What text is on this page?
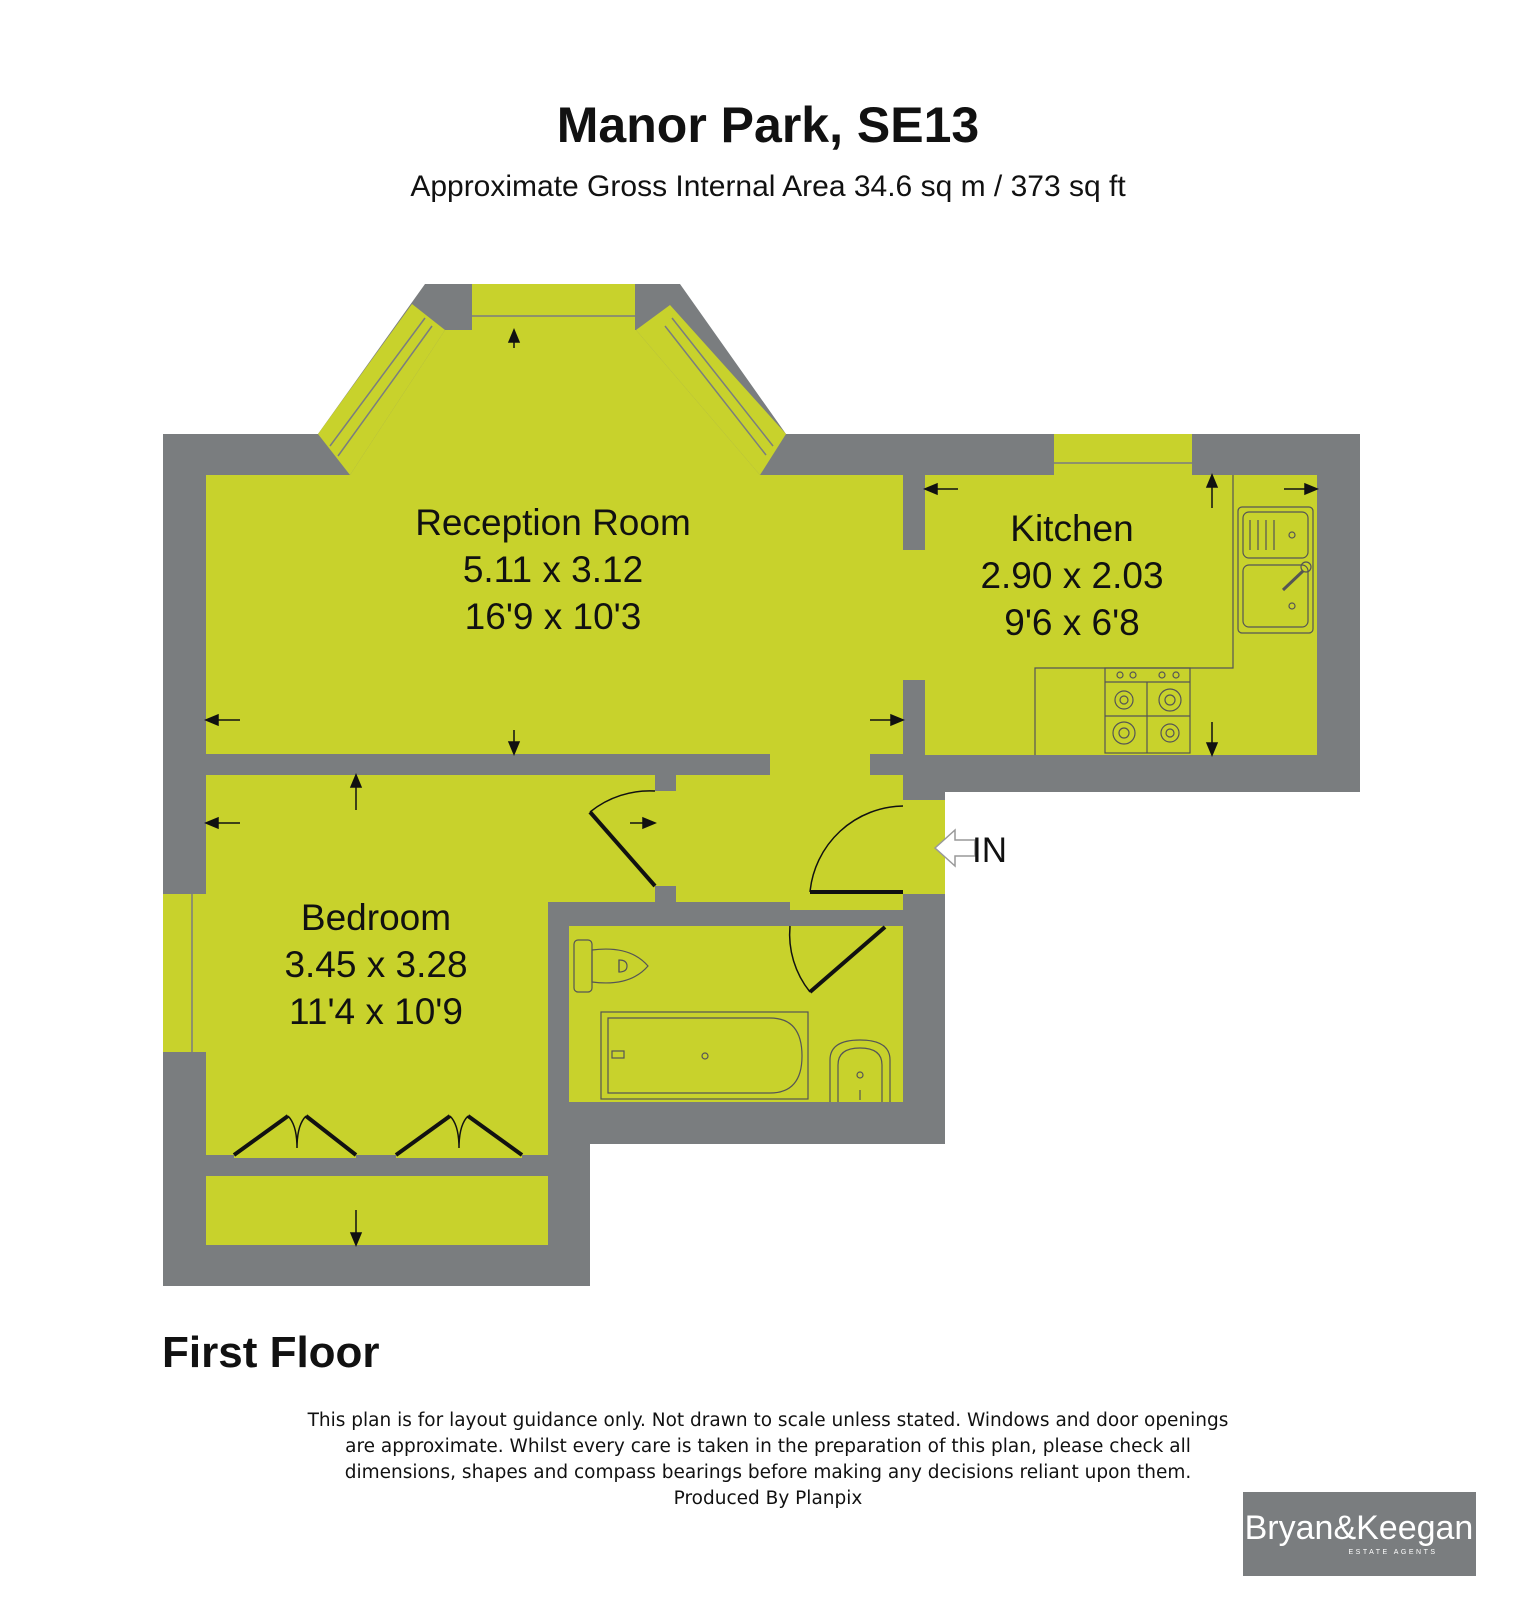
Manor Park, SE13
Approximate Gross Internal Area 34.6 sq m / 373 sq ft
Reception Room
5.11 x 3.12
16'9 x 10'3
Kitchen
2.90 x 2.03
9'6 x 6'8
Bedroom
3.45 x 3.28
11'4 x 10'9
IN
First Floor
This plan is for layout guidance only. Not drawn to scale unless stated. Windows and door openings
are approximate. Whilst every care is taken in the preparation of this plan, please check all
dimensions, shapes and compass bearings before making any decisions reliant upon them.
Produced By Planpix
Bryan&Keegan
ESTATE AGENTS
